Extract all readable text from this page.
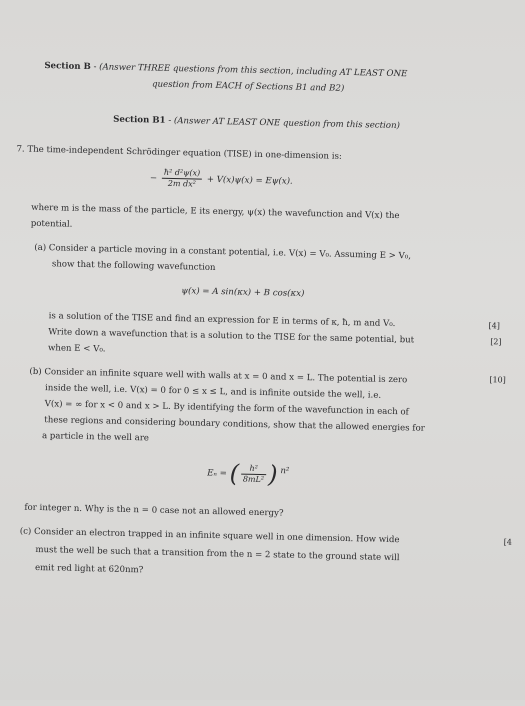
Section B - (Answer THREE questions from this section, including AT LEAST ONE
question from EACH of Sections B1 and B2)
Section B1 - (Answer AT LEAST ONE question from this section)
7. The time-independent Schrödinger equation (TISE) in one-dimension is:
− $\frac{\text{ħ² d²ψ(x)}}{\text{2m dx²}} + V(x)\psi(x) = E\psi(x)$.
where m is the mass of the particle, E its energy, ψ(x) the wavefunction and V(x) the
potential.
(a) Consider a particle moving in a constant potential, i.e. V(x) = V₀. Assuming E > V₀,
show that the following wavefunction
ψ(x) = A sin(κx) + B cos(κx)
is a solution of the TISE and find an expression for E in terms of κ, ħ, m and V₀.	[4]
Write down a wavefunction that is a solution to the TISE for the same potential, but	[2]
when E < V₀.
(b) Consider an infinite square well with walls at x = 0 and x = L. The potential is zero	[10]
inside the well, i.e. V(x) = 0 for 0 ≤ x ≤ L, and is infinite outside the well, i.e.
V(x) = ∞ for x < 0 and x > L. By identifying the form of the wavefunction in each of
these regions and considering boundary conditions, show that the allowed energies for
a particle in the well are
Eₙ = ( $\frac{\text{h²}}{\text{8mL²}}$ ) n²
for integer n. Why is the n = 0 case not an allowed energy?
(c) Consider an electron trapped in an infinite square well in one dimension. How wide	[4
must the well be such that a transition from the n = 2 state to the ground state will
emit red light at 620nm?
